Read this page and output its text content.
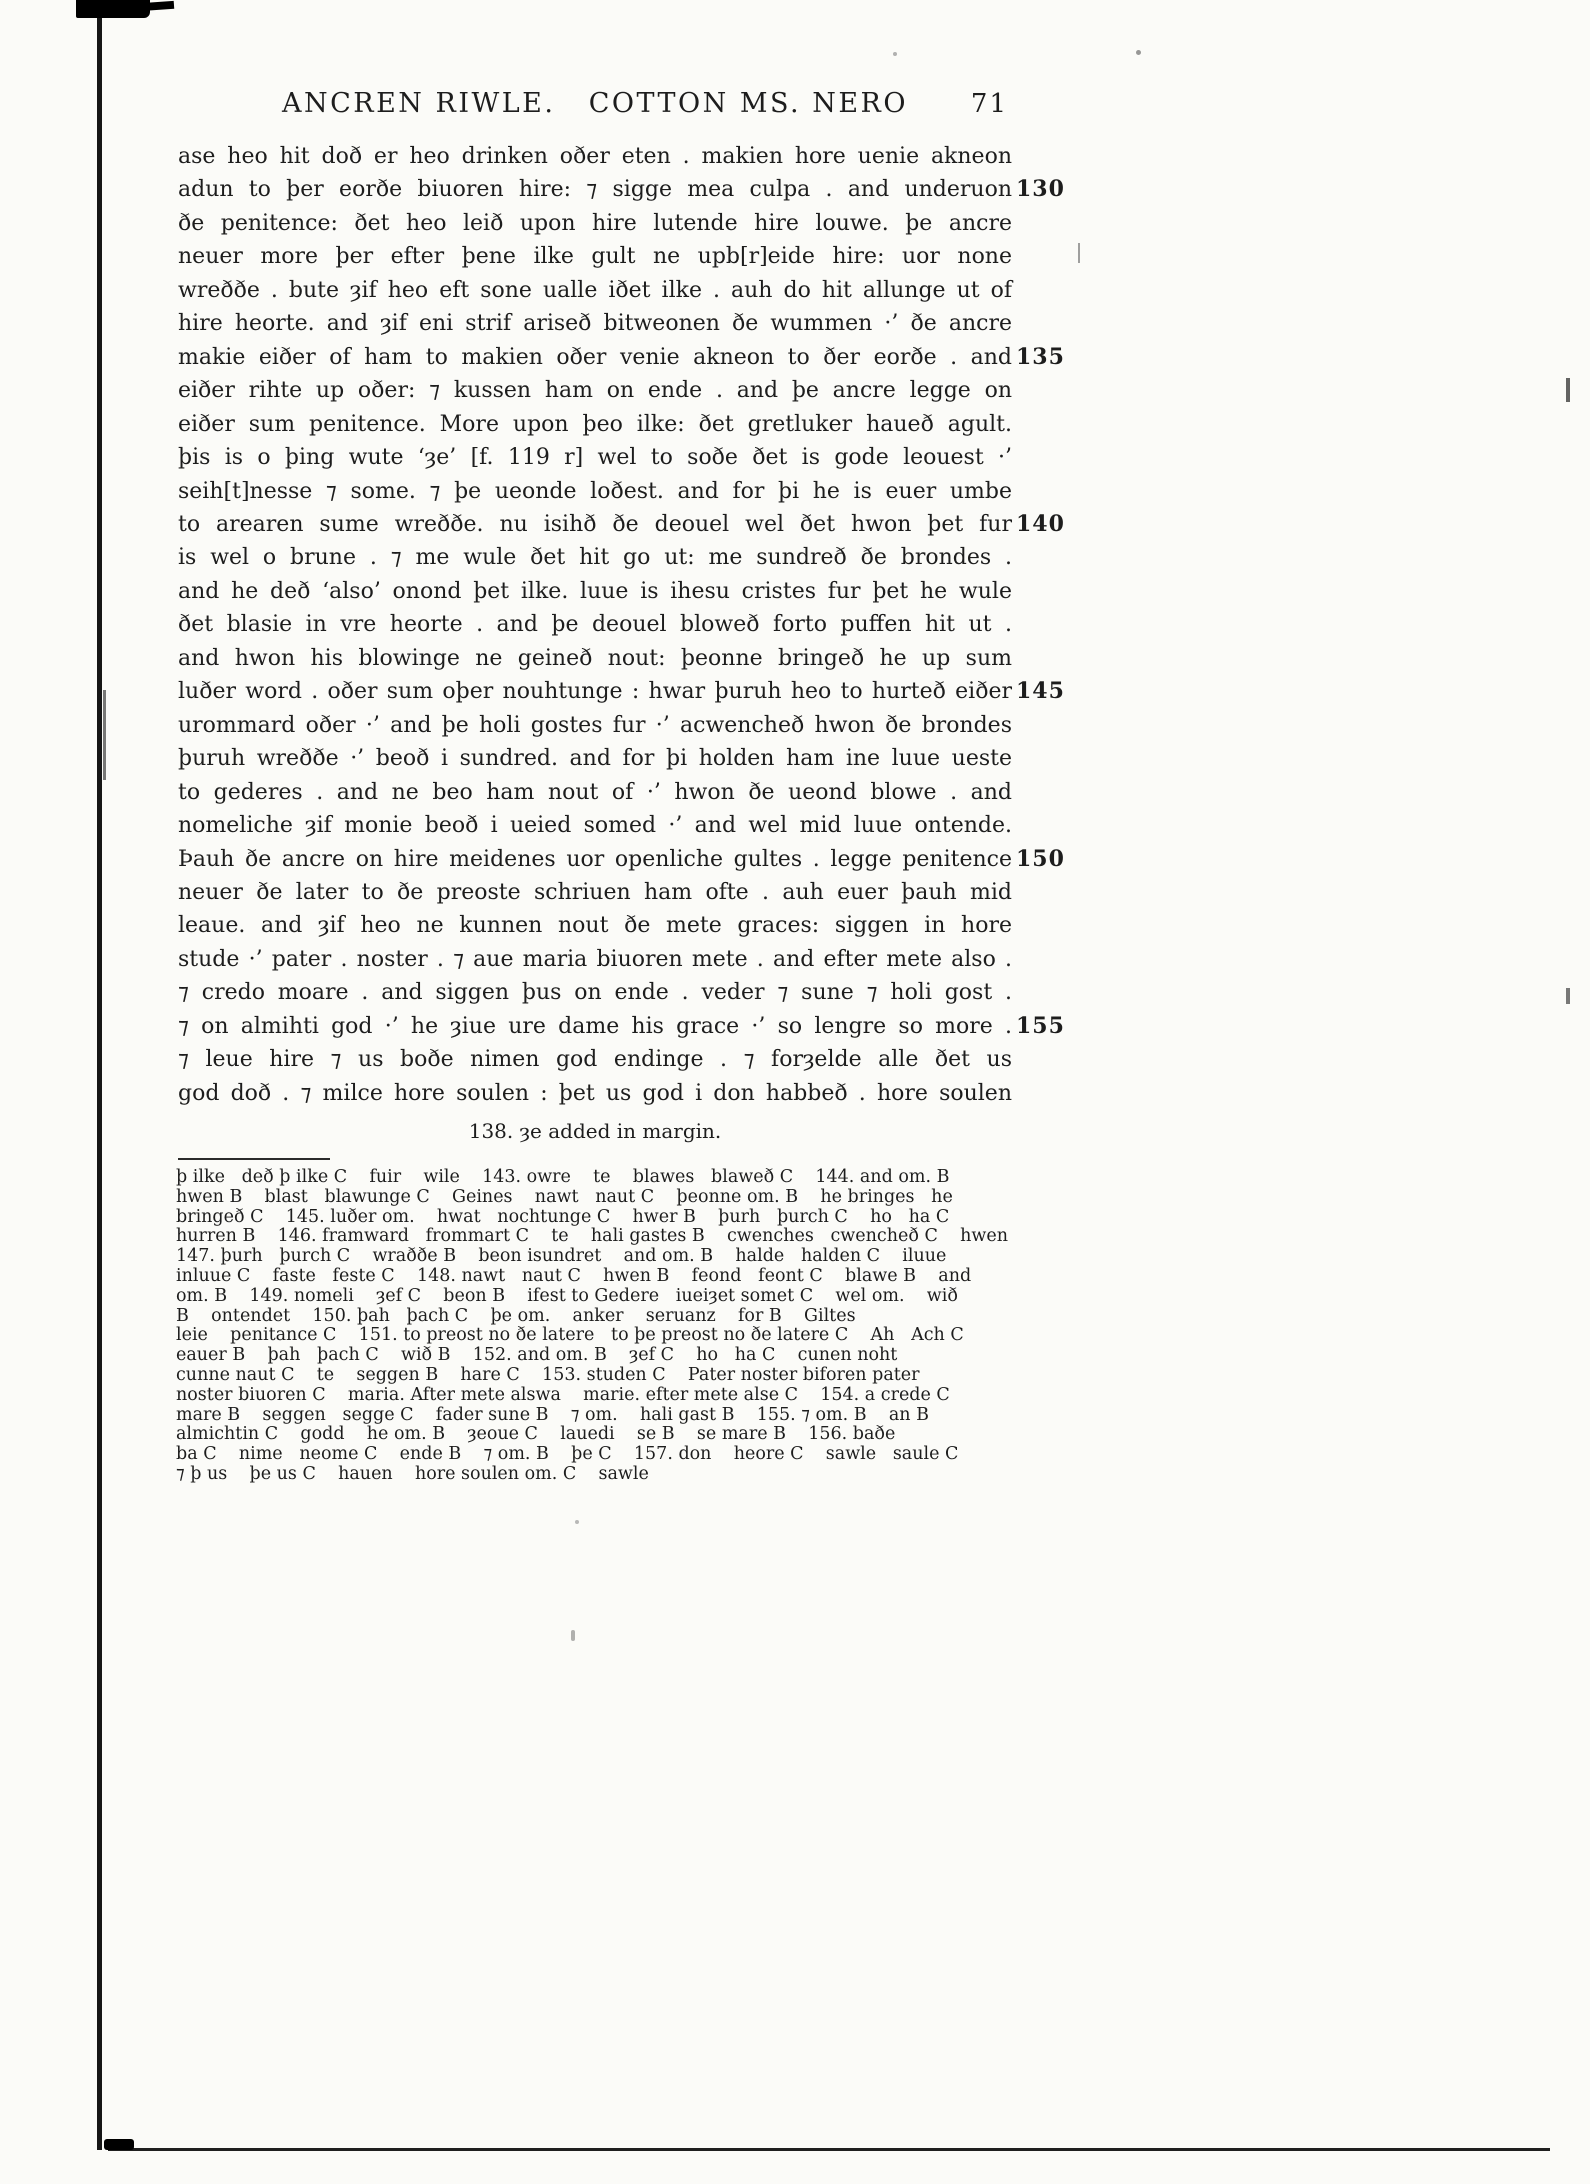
ANCREN RIWLE.   COTTON MS. NERO	71
ase heo hit doð er heo drinken oðer eten . makien hore uenie akneon
adun to þer eorðe biuoren hire: ⁊ sigge mea culpa . and underuon 130
ðe penitence: ðet heo leið upon hire lutende hire louwe. þe ancre
neuer more þer efter þene ilke gult ne upb[r]eide hire: uor none
wreððe . bute ȝif heo eft sone ualle iðet ilke . auh do hit allunge ut of
hire heorte. and ȝif eni strif ariseð bitweonen ðe wummen ·’ ðe ancre
makie eiðer of ham to makien oðer venie akneon to ðer eorðe . and 135
eiðer rihte up oðer: ⁊ kussen ham on ende . and þe ancre legge on
eiðer sum penitence. More upon þeo ilke: ðet gretluker haueð agult.
þis is o þing wute ‘ȝe’ [f. 119 r] wel to soðe ðet is gode leouest ·’
seih[t]nesse ⁊ some. ⁊ þe ueonde loðest. and for þi he is euer umbe
to arearen sume wreððe. nu isihð ðe deouel wel ðet hwon þet fur 140
is wel o brune . ⁊ me wule ðet hit go ut: me sundreð ðe brondes .
and he deð ‘also’ onond þet ilke. luue is ihesu cristes fur þet he wule
ðet blasie in vre heorte . and þe deouel bloweð forto puffen hit ut .
and hwon his blowinge ne geineð nout: þeonne bringeð he up sum
luðer word . oðer sum oþer nouhtunge : hwar þuruh heo to hurteð eiðer 145
urommard oðer ·’ and þe holi gostes fur ·’ acwencheð hwon ðe brondes
þuruh wreððe ·’ beoð i sundred. and for þi holden ham ine luue ueste
to gederes . and ne beo ham nout of ·’ hwon ðe ueond blowe . and
nomeliche ȝif monie beoð i ueied somed ·’ and wel mid luue ontende.
Þauh ðe ancre on hire meidenes uor openliche gultes . legge penitence 150
neuer ðe later to ðe preoste schriuen ham ofte . auh euer þauh mid
leaue. and ȝif heo ne kunnen nout ðe mete graces: siggen in hore
stude ·’ pater . noster . ⁊ aue maria biuoren mete . and efter mete also .
⁊ credo moare . and siggen þus on ende . veder ⁊ sune ⁊ holi gost .
⁊ on almihti god ·’ he ȝiue ure dame his grace ·’ so lengre so more . 155
⁊ leue hire ⁊ us boðe nimen god endinge . ⁊ forȝelde alle ðet us
god doð . ⁊ milce hore soulen : þet us god i don habbeð . hore soulen
138. ȝe added in margin.
þ ilke   deð þ ilke C    fuir    wile    143. owre    te    blawes   blaweð C    144. and om. B
hwen B    blast   blawunge C    Geines    nawt   naut C    þeonne om. B    he bringes   he
bringeð C    145. luðer om.    hwat   nochtunge C    hwer B    þurh   þurch C    ho   ha C
hurren B    146. framward   frommart C    te    hali gastes B    cwenches   cwencheð C    hwen
147. þurh   þurch C    wraððe B    beon isundret    and om. B    halde   halden C    iluue
inluue C    faste   feste C    148. nawt   naut C    hwen B    feond   feont C    blawe B    and
om. B    149. nomeli    ȝef C    beon B    ifest to Gedere   iueiȝet somet C    wel om.    wið
B    ontendet    150. þah   þach C    þe om.    anker    seruanz    for B    Giltes
leie    penitance C    151. to preost no ðe latere   to þe preost no ðe latere C    Ah   Ach C
eauer B    þah   þach C    wið B    152. and om. B    ȝef C    ho   ha C    cunen noht
cunne naut C    te    seggen B    hare C    153. studen C    Pater noster biforen pater
noster biuoren C    maria. After mete alswa    marie. efter mete alse C    154. a crede C
mare B    seggen   segge C    fader sune B    ⁊ om.    hali gast B    155. ⁊ om. B    an B
almichtin C    godd    he om. B    ȝeoue C    lauedi    se B    se mare B    156. baðe
ba C    nime   neome C    ende B    ⁊ om. B    þe C    157. don    heore C    sawle   saule C
⁊ þ us    þe us C    hauen    hore soulen om. C    sawle
